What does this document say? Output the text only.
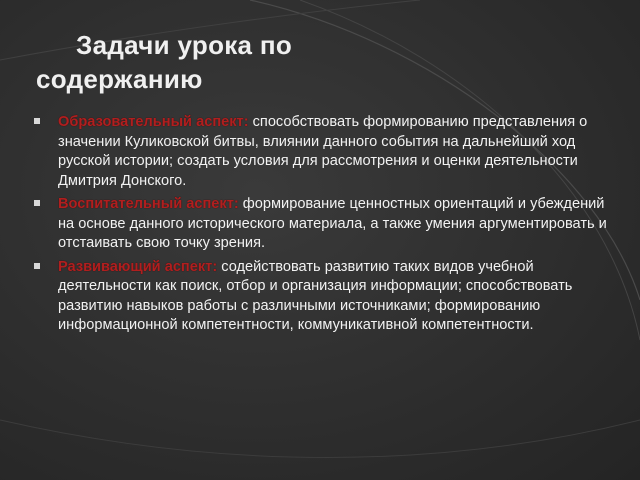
Задачи урока по
содержанию
Образовательный аспект: способствовать формированию представления о значении Куликовской битвы, влиянии данного события на дальнейший ход русской истории; создать условия для рассмотрения и оценки деятельности Дмитрия Донского.
Воспитательный аспект: формирование ценностных ориентаций и убеждений на основе данного исторического материала, а также умения аргументировать и отстаивать свою точку зрения.
Развивающий аспект: содействовать развитию таких видов учебной деятельности как поиск, отбор и организация информации; способствовать развитию навыков работы с различными источниками; формированию информационной компетентности, коммуникативной компетентности.
